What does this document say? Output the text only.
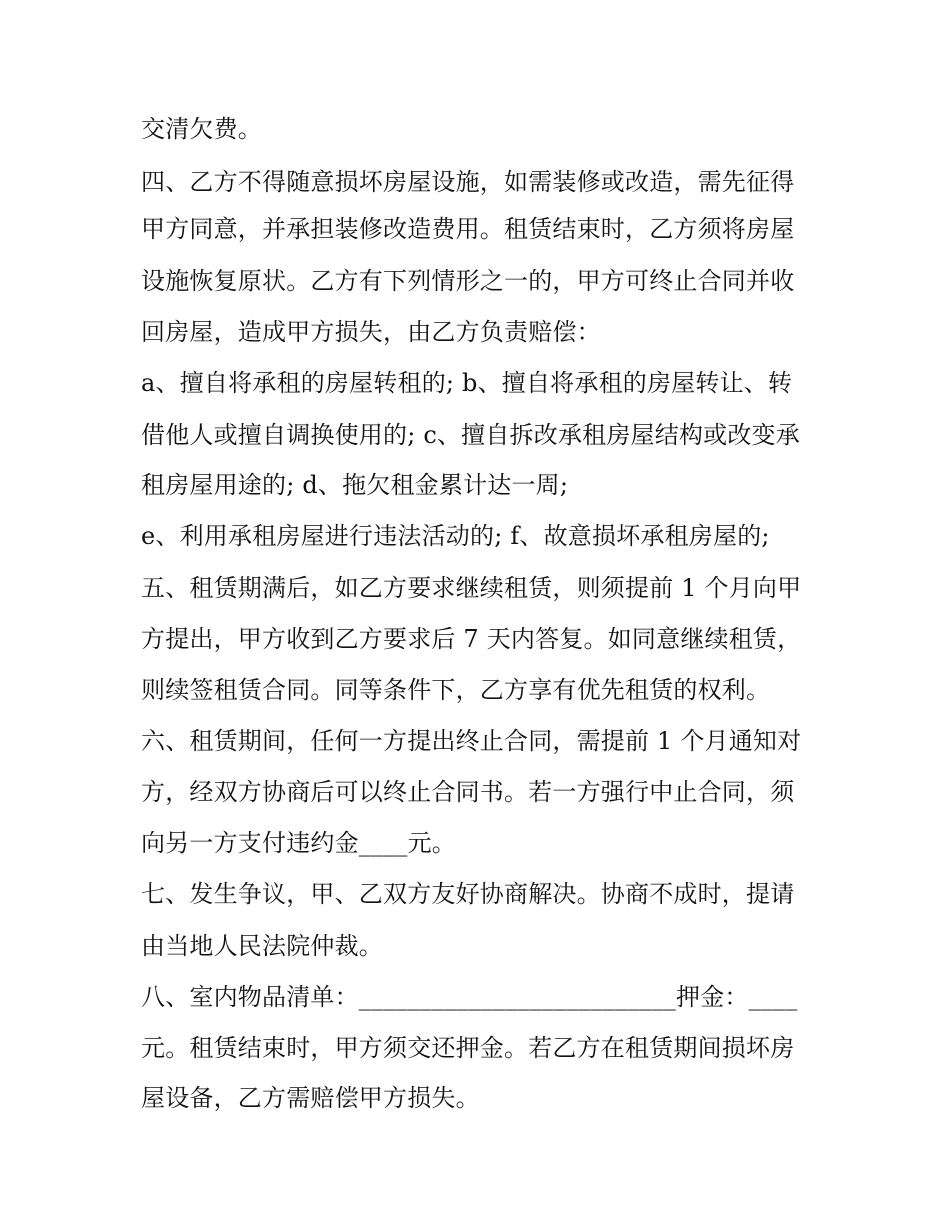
交清欠费。
四、乙方不得随意损坏房屋设施，如需装修或改造，需先征得
甲方同意，并承担装修改造费用。租赁结束时，乙方须将房屋
设施恢复原状。乙方有下列情形之一的，甲方可终止合同并收
回房屋，造成甲方损失，由乙方负责赔偿：
a、擅自将承租的房屋转租的; b、擅自将承租的房屋转让、转
借他人或擅自调换使用的; c、擅自拆改承租房屋结构或改变承
租房屋用途的; d、拖欠租金累计达一周;
e、利用承租房屋进行违法活动的; f、故意损坏承租房屋的;
五、租赁期满后，如乙方要求继续租赁，则须提前 1 个月向甲
方提出，甲方收到乙方要求后 7 天内答复。如同意继续租赁，
则续签租赁合同。同等条件下，乙方享有优先租赁的权利。
六、租赁期间，任何一方提出终止合同，需提前 1 个月通知对
方，经双方协商后可以终止合同书。若一方强行中止合同，须
向另一方支付违约金____元。
七、发生争议，甲、乙双方友好协商解决。协商不成时，提请
由当地人民法院仲裁。
八、室内物品清单：__________________________押金：____
元。租赁结束时，甲方须交还押金。若乙方在租赁期间损坏房
屋设备，乙方需赔偿甲方损失。
